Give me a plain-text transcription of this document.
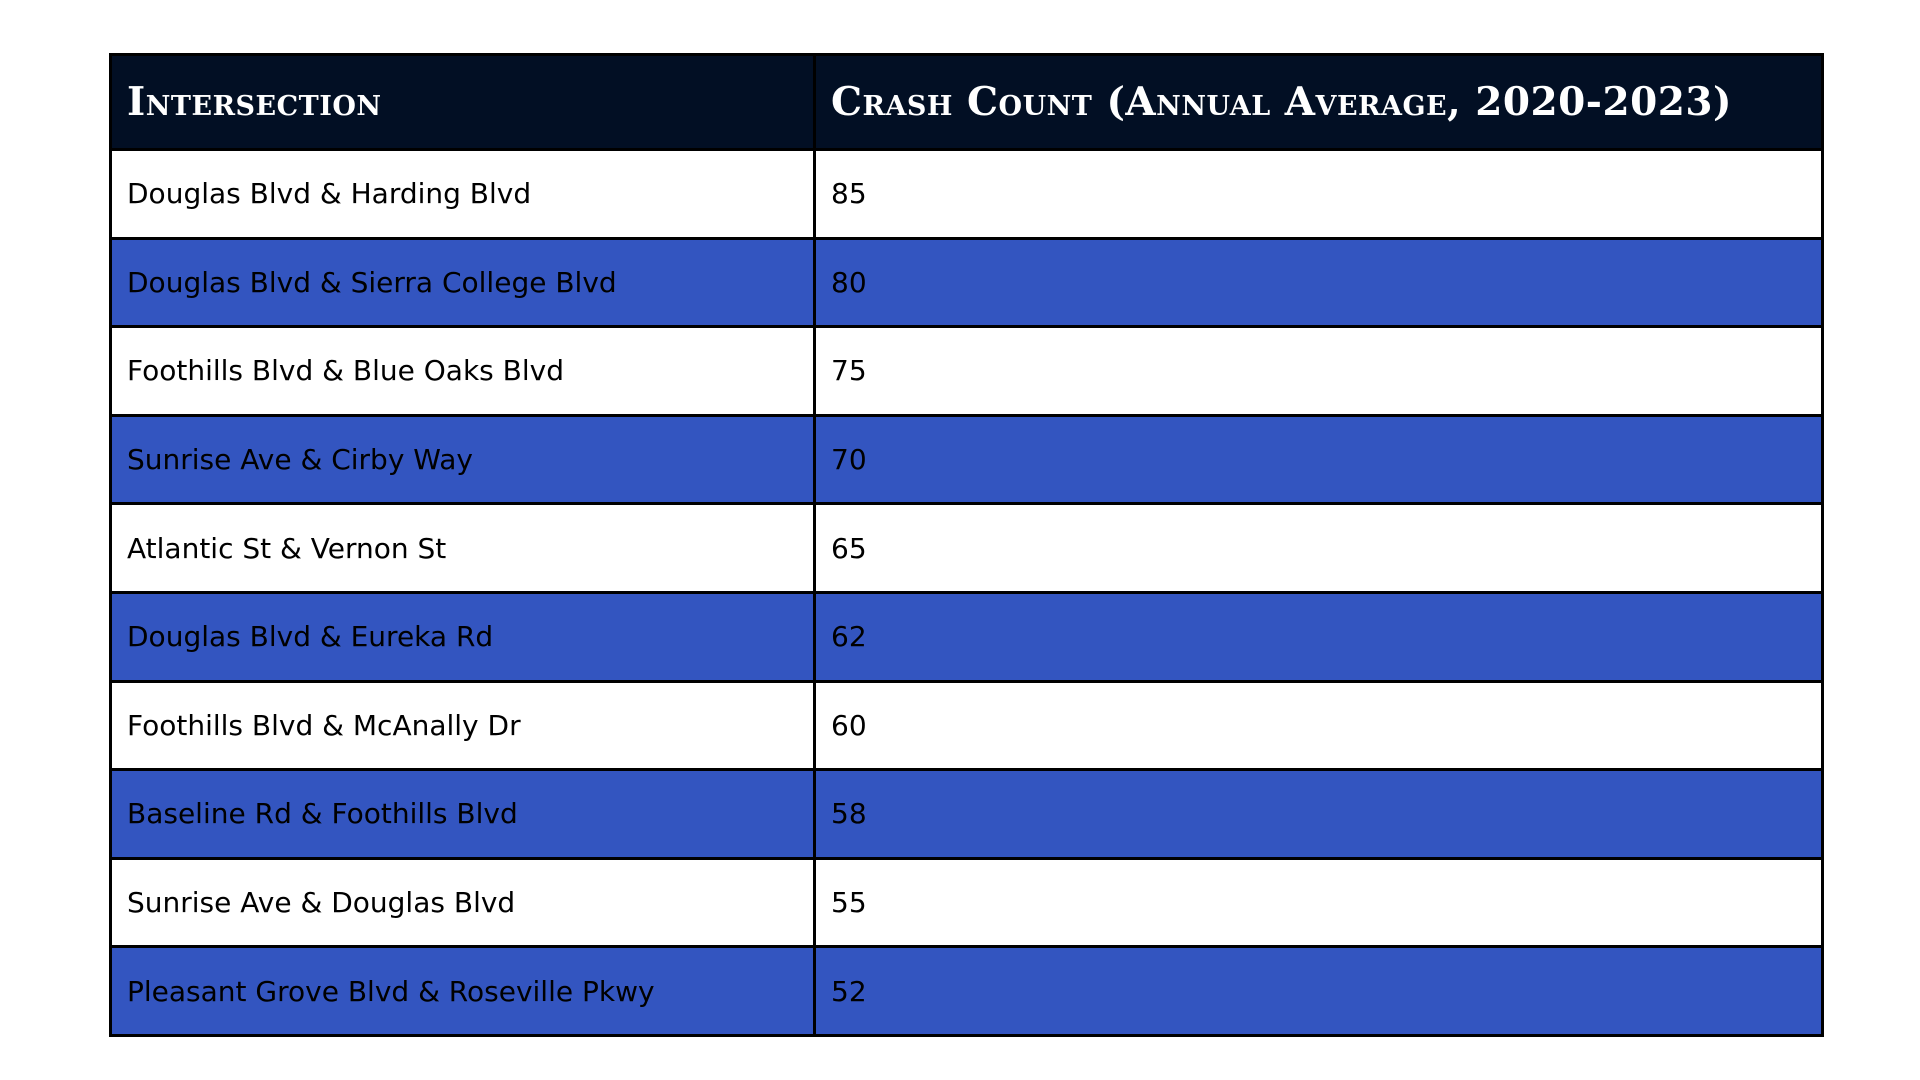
Intersection	Crash Count (Annual Average, 2020-2023)
Douglas Blvd & Harding Blvd	85
Douglas Blvd & Sierra College Blvd	80
Foothills Blvd & Blue Oaks Blvd	75
Sunrise Ave & Cirby Way	70
Atlantic St & Vernon St	65
Douglas Blvd & Eureka Rd	62
Foothills Blvd & McAnally Dr	60
Baseline Rd & Foothills Blvd	58
Sunrise Ave & Douglas Blvd	55
Pleasant Grove Blvd & Roseville Pkwy	52
